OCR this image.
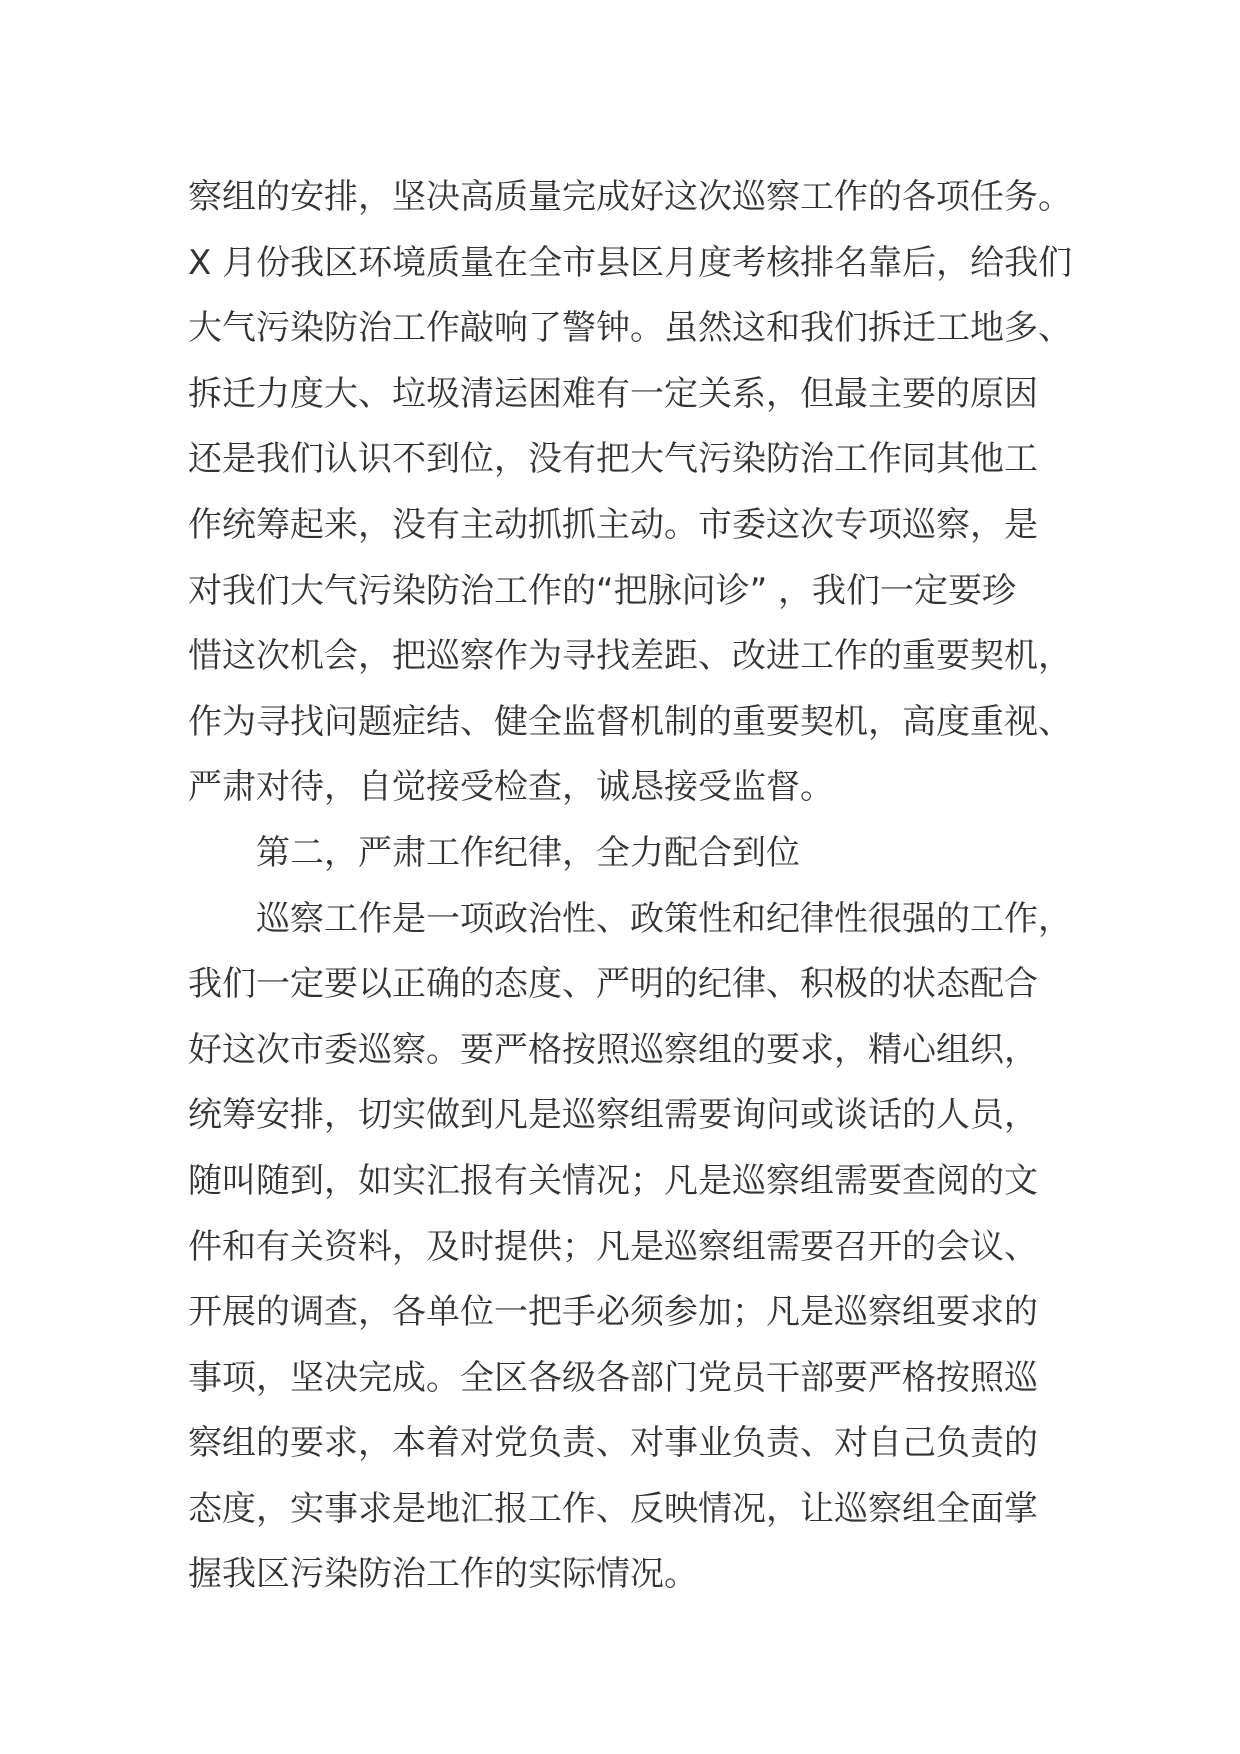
察组的安排，坚决高质量完成好这次巡察工作的各项任务。
X 月份我区环境质量在全市县区月度考核排名靠后，给我们
大气污染防治工作敲响了警钟。虽然这和我们拆迁工地多、
拆迁力度大、垃圾清运困难有一定关系，但最主要的原因
还是我们认识不到位，没有把大气污染防治工作同其他工
作统筹起来，没有主动抓抓主动。市委这次专项巡察，是
对我们大气污染防治工作的“把脉问诊” ，我们一定要珍
惜这次机会，把巡察作为寻找差距、改进工作的重要契机，
作为寻找问题症结、健全监督机制的重要契机，高度重视、
严肃对待，自觉接受检查，诚恳接受监督。
第二，严肃工作纪律，全力配合到位
巡察工作是一项政治性、政策性和纪律性很强的工作，
我们一定要以正确的态度、严明的纪律、积极的状态配合
好这次市委巡察。要严格按照巡察组的要求，精心组织，
统筹安排，切实做到凡是巡察组需要询问或谈话的人员，
随叫随到，如实汇报有关情况；凡是巡察组需要查阅的文
件和有关资料，及时提供；凡是巡察组需要召开的会议、
开展的调查，各单位一把手必须参加；凡是巡察组要求的
事项，坚决完成。全区各级各部门党员干部要严格按照巡
察组的要求，本着对党负责、对事业负责、对自己负责的
态度，实事求是地汇报工作、反映情况，让巡察组全面掌
握我区污染防治工作的实际情况。
